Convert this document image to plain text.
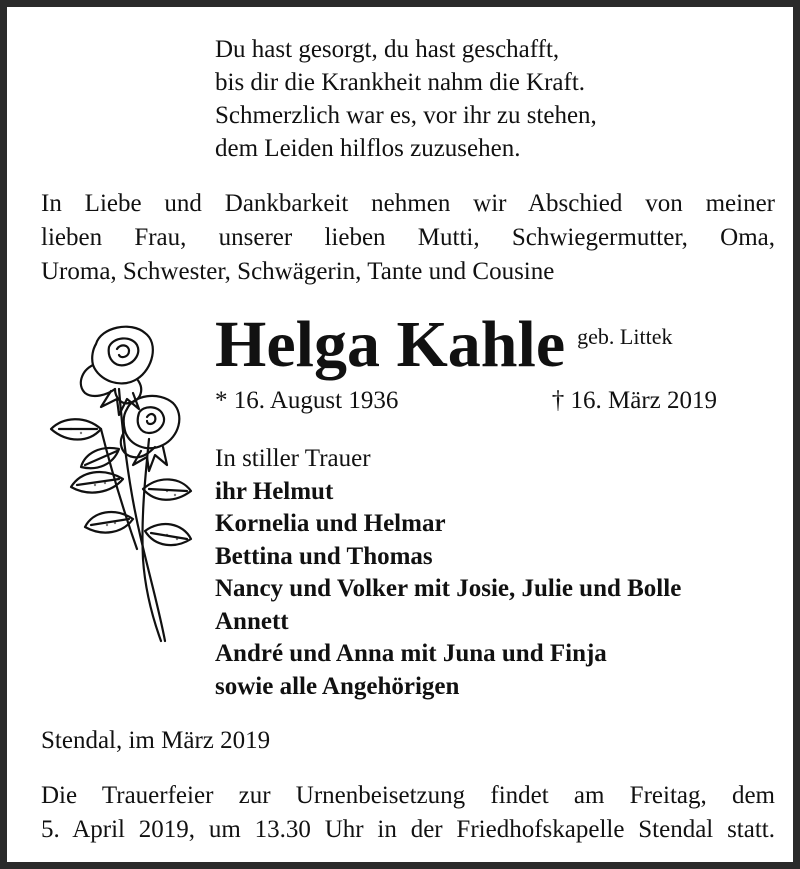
Du hast gesorgt, du hast geschafft,
bis dir die Krankheit nahm die Kraft.
Schmerzlich war es, vor ihr zu stehen,
dem Leiden hilflos zuzusehen.
In Liebe und Dankbarkeit nehmen wir Abschied von meiner
lieben Frau, unserer lieben Mutti, Schwiegermutter, Oma,
Uroma, Schwester, Schwägerin, Tante und Cousine
Helga Kahle geb. Littek
* 16. August 1936	† 16. März 2019
In stiller Trauer
ihr Helmut
Kornelia und Helmar
Bettina und Thomas
Nancy und Volker mit Josie, Julie und Bolle
Annett
André und Anna mit Juna und Finja
sowie alle Angehörigen
Stendal, im März 2019
Die Trauerfeier zur Urnenbeisetzung findet am Freitag, dem
5. April 2019, um 13.30 Uhr in der Friedhofskapelle Stendal statt.
